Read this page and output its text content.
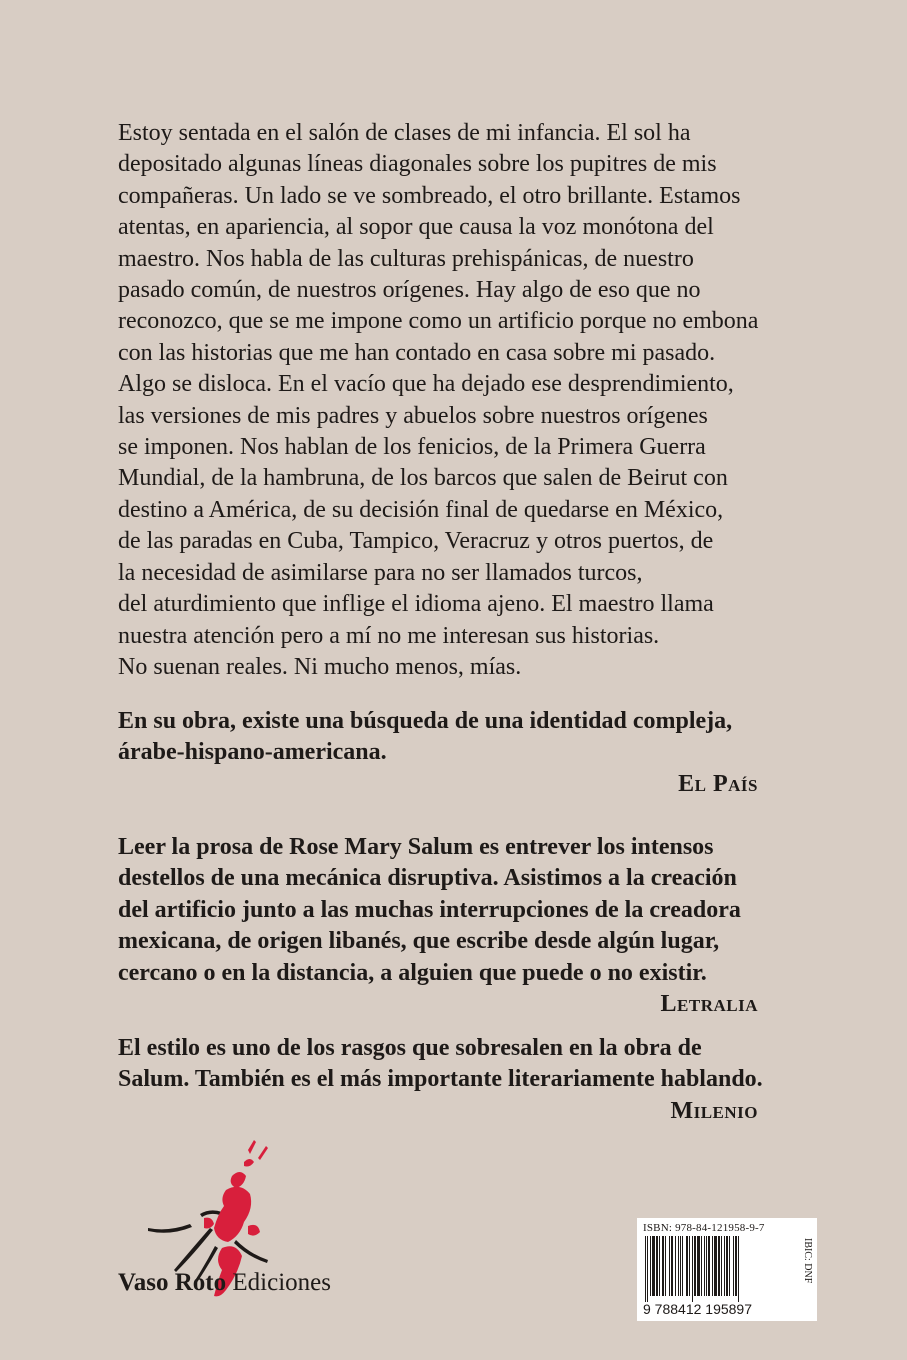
Estoy sentada en el salón de clases de mi infancia. El sol ha
depositado algunas líneas diagonales sobre los pupitres de mis
compañeras. Un lado se ve sombreado, el otro brillante. Estamos
atentas, en apariencia, al sopor que causa la voz monótona del
maestro. Nos habla de las culturas prehispánicas, de nuestro
pasado común, de nuestros orígenes. Hay algo de eso que no
reconozco, que se me impone como un artificio porque no embona
con las historias que me han contado en casa sobre mi pasado.
Algo se disloca. En el vacío que ha dejado ese desprendimiento,
las versiones de mis padres y abuelos sobre nuestros orígenes
se imponen. Nos hablan de los fenicios, de la Primera Guerra
Mundial, de la hambruna, de los barcos que salen de Beirut con
destino a América, de su decisión final de quedarse en México,
de las paradas en Cuba, Tampico, Veracruz y otros puertos, de
la necesidad de asimilarse para no ser llamados turcos,
del aturdimiento que inflige el idioma ajeno. El maestro llama
nuestra atención pero a mí no me interesan sus historias.
No suenan reales. Ni mucho menos, mías.
En su obra, existe una búsqueda de una identidad compleja,
árabe-hispano-americana.
El País
Leer la prosa de Rose Mary Salum es entrever los intensos
destellos de una mecánica disruptiva. Asistimos a la creación
del artificio junto a las muchas interrupciones de la creadora
mexicana, de origen libanés, que escribe desde algún lugar,
cercano o en la distancia, a alguien que puede o no existir.
Letralia
El estilo es uno de los rasgos que sobresalen en la obra de
Salum. También es el más importante literariamente hablando.
Milenio
Vaso Roto Ediciones
ISBN: 978-84-121958-9-7
9 788412 195897
IBIC: DNF
